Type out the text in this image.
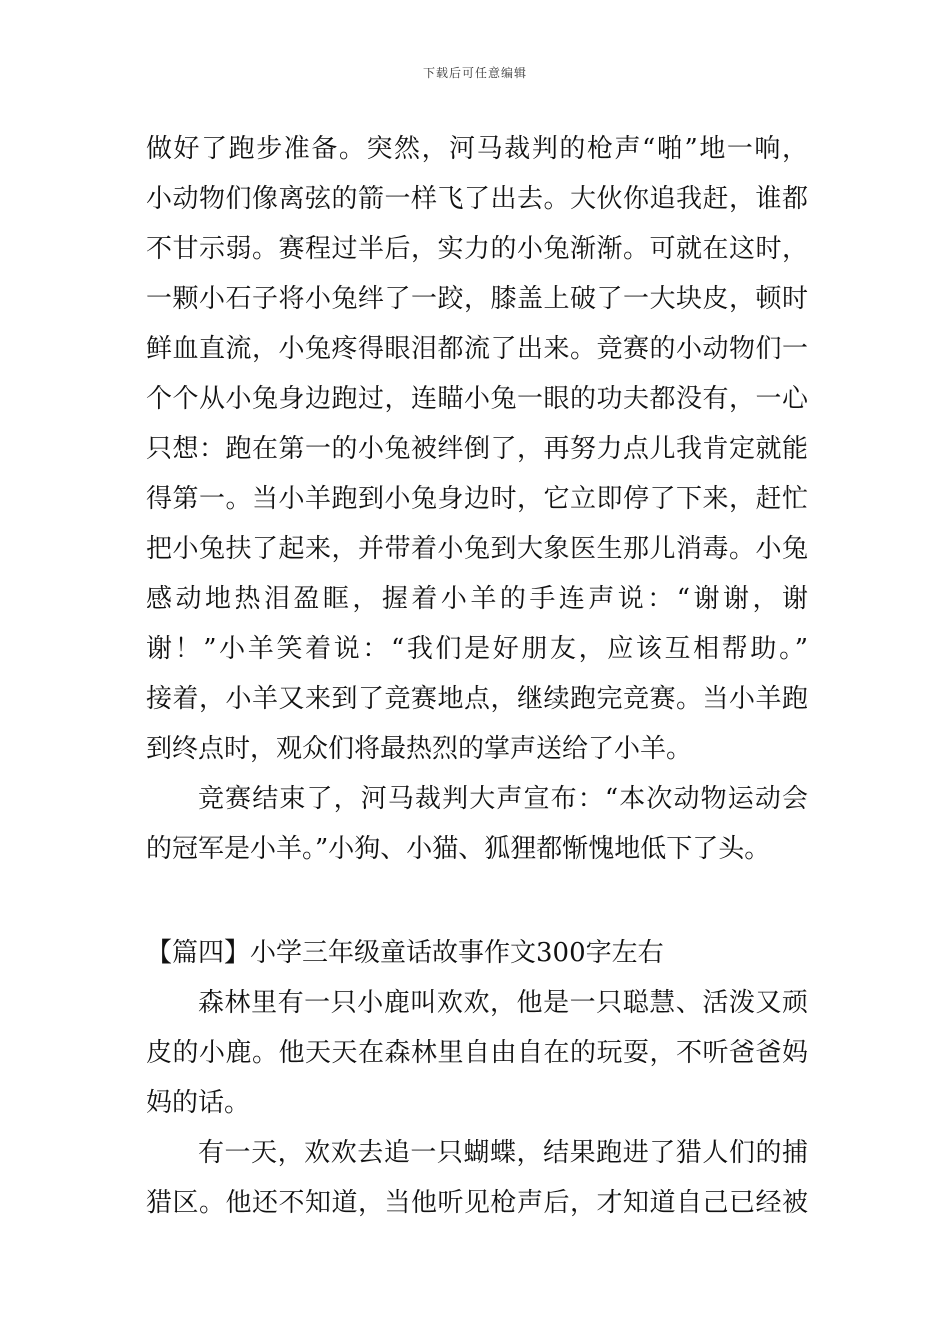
下载后可任意编辑
做好了跑步准备。突然，河马裁判的枪声“啪”地一响，
小动物们像离弦的箭一样飞了出去。大伙你追我赶，谁都
不甘示弱。赛程过半后，实力的小兔渐渐。可就在这时，
一颗小石子将小兔绊了一跤，膝盖上破了一大块皮，顿时
鲜血直流，小兔疼得眼泪都流了出来。竞赛的小动物们一
个个从小兔身边跑过，连瞄小兔一眼的功夫都没有，一心
只想：跑在第一的小兔被绊倒了，再努力点儿我肯定就能
得第一。当小羊跑到小兔身边时，它立即停了下来，赶忙
把小兔扶了起来，并带着小兔到大象医生那儿消毒。小兔
感动地热泪盈眶，握着小羊的手连声说：“谢谢，谢
谢！”小羊笑着说：“我们是好朋友，应该互相帮助。”
接着，小羊又来到了竞赛地点，继续跑完竞赛。当小羊跑
到终点时，观众们将最热烈的掌声送给了小羊。
竞赛结束了，河马裁判大声宣布：“本次动物运动会
的冠军是小羊。”小狗、小猫、狐狸都惭愧地低下了头。
【篇四】小学三年级童话故事作文300字左右
森林里有一只小鹿叫欢欢，他是一只聪慧、活泼又顽
皮的小鹿。他天天在森林里自由自在的玩耍，不听爸爸妈
妈的话。
有一天，欢欢去追一只蝴蝶，结果跑进了猎人们的捕
猎区。他还不知道，当他听见枪声后，才知道自己已经被
